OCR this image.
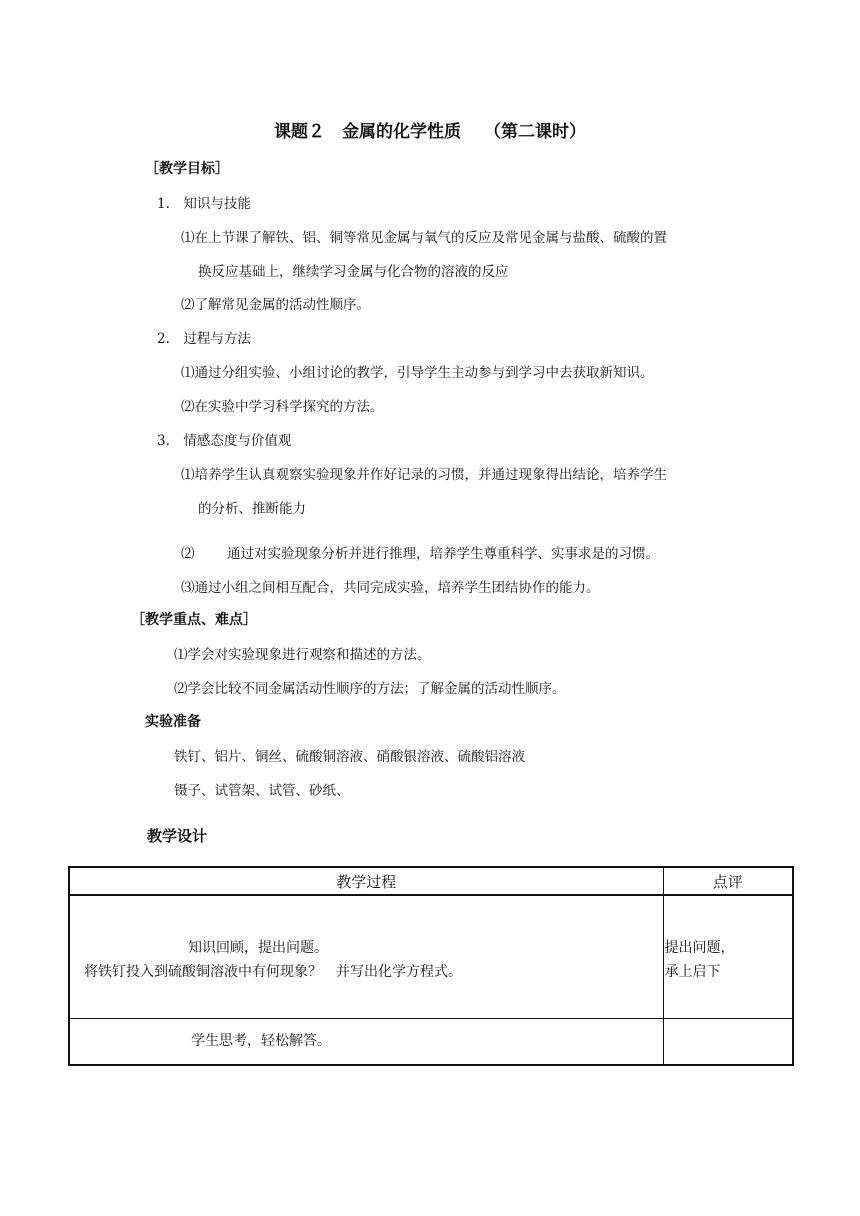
课题２　金属的化学性质　 （第二课时）
［教学目标］
1.　知识与技能
⑴在上节课了解铁、铝、铜等常见金属与氧气的反应及常见金属与盐酸、硫酸的置
换反应基础上，继续学习金属与化合物的溶液的反应
⑵了解常见金属的活动性顺序。
2.　过程与方法
⑴通过分组实验、小组讨论的教学，引导学生主动参与到学习中去获取新知识。
⑵在实验中学习科学探究的方法。
3.　情感态度与价值观
⑴培养学生认真观察实验现象并作好记录的习惯，并通过现象得出结论，培养学生
的分析、推断能力
⑵ 通过对实验现象分析并进行推理，培养学生尊重科学、实事求是的习惯。
⑶通过小组之间相互配合，共同完成实验，培养学生团结协作的能力。
［教学重点、难点］
⑴学会对实验现象进行观察和描述的方法。
⑵学会比较不同金属活动性顺序的方法；了解金属的活动性顺序。
实验准备
铁钉、铝片、铜丝、硫酸铜溶液、硝酸银溶液、硫酸铝溶液
镊子、试管架、试管、砂纸、
教学设计
教学过程	点评

知识回顾，提出问题。
将铁钉投入到硫酸铜溶液中有何现象？　并写出化学方程式。	提出问题，
承上启下

学生思考，轻松解答。	
